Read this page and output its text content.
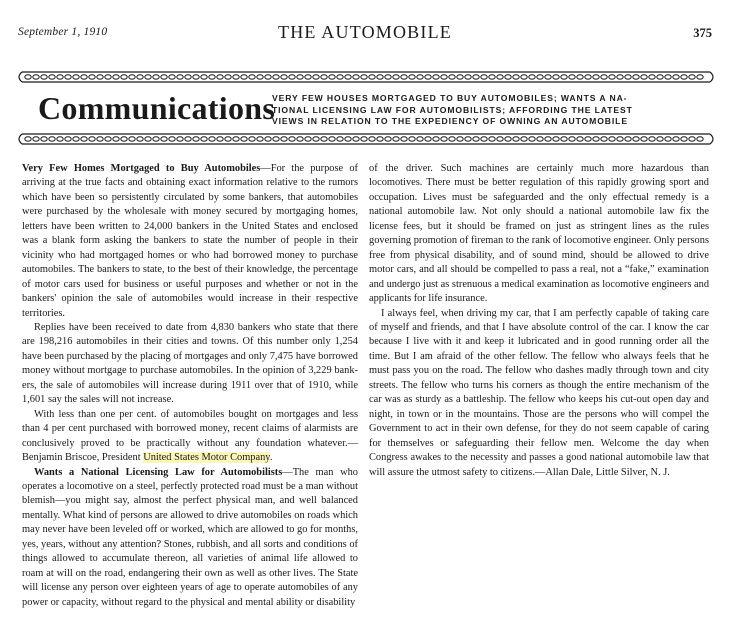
September 1, 1910	THE AUTOMOBILE	375
Communications
VERY FEW HOUSES MORTGAGED TO BUY AUTOMOBILES; WANTS A NA-
TIONAL LICENSING LAW FOR AUTOMOBILISTS; AFFORDING THE LATEST
VIEWS IN RELATION TO THE EXPEDIENCY OF OWNING AN AUTOMOBILE

Very Few Homes Mortgaged to Buy Automobiles—For the purpose of arriving at the true facts and obtaining exact information relative to the rumors which have been so persistently circulated by some bankers, that automobiles were purchased by the wholesale with money secured by mortgaging homes, letters have been written to 24,000 bankers in the United States and enclosed was a blank form asking the bankers to state the number of people in their vicinity who had mortgaged homes or who had borrowed money to purchase automobiles. The bankers to state, to the best of their knowledge, the percentage of motor cars used for business or useful purposes and whether or not in the bankers' opinion the sale of automobiles would increase in their respective territories.

Replies have been received to date from 4,830 bankers who state that there are 198,216 automobiles in their cities and towns. Of this number only 1,254 have been purchased by the placing of mortgages and only 7,475 have borrowed money without mortgage to purchase automobiles. In the opinion of 3,229 bankers, the sale of automobiles will increase during 1911 over that of 1910, while 1,601 say the sales will not increase.

With less than one per cent. of automobiles bought on mortgages and less than 4 per cent purchased with borrowed money, recent claims of alarmists are conclusively proved to be practically without any foundation whatever.—Benjamin Briscoe, President United States Motor Company.

Wants a National Licensing Law for Automobilists—The man who operates a locomotive on a steel, perfectly protected road must be a man without blemish—you might say, almost the perfect physical man, and well balanced mentally. What kind of persons are allowed to drive automobiles on roads which may never have been leveled off or worked, which are allowed to go for months, yes, years, without any attention? Stones, rubbish, and all sorts and conditions of things allowed to accumulate thereon, all varieties of animal life allowed to roam at will on the road, endangering their own as well as other lives. The State will license any person over eighteen years of age to operate automobiles of any power or capacity, without regard to the physical and mental ability or disability

of the driver. Such machines are certainly much more hazardous than locomotives. There must be better regulation of this rapidly growing sport and occupation. Lives must be safeguarded and the only effectual remedy is a national automobile law. Not only should a national automobile law fix the license fees, but it should be framed on just as stringent lines as the rules governing promotion of fireman to the rank of locomotive engineer. Only persons free from physical disability, and of sound mind, should be allowed to drive motor cars, and all should be compelled to pass a real, not a “fake,” examination and undergo just as strenuous a medical examination as locomotive engineers and applicants for life insurance.

I always feel, when driving my car, that I am perfectly capable of taking care of myself and friends, and that I have absolute control of the car. I know the car because I live with it and keep it lubricated and in good running order all the time. But I am afraid of the other fellow. The fellow who always feels that he must pass you on the road. The fellow who dashes madly through town and city streets. The fellow who turns his corners as though the entire mechanism of the car was as sturdy as a battleship. The fellow who keeps his cut-out open day and night, in town or in the mountains. Those are the persons who will compel the Government to act in their own defense, for they do not seem capable of caring for themselves or safeguarding their fellow men. Welcome the day when Congress awakes to the necessity and passes a good national automobile law that will assure the utmost safety to citizens.—Allan Dale, Little Silver, N. J.
